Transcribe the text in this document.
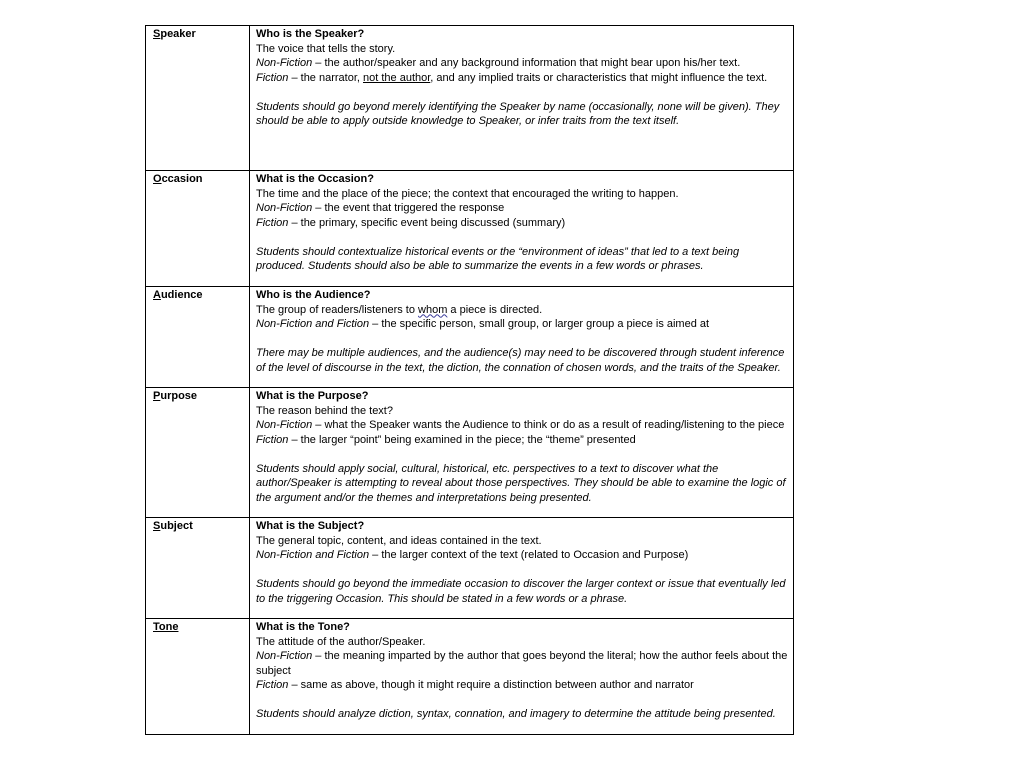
Speaker	Who is the Speaker?
The voice that tells the story.
Non-Fiction – the author/speaker and any background information that might bear upon his/her text.
Fiction – the narrator, not the author, and any implied traits or characteristics that might influence the text.
Students should go beyond merely identifying the Speaker by name (occasionally, none will be given). They should be able to apply outside knowledge to Speaker, or infer traits from the text itself.

Occasion	What is the Occasion?
The time and the place of the piece; the context that encouraged the writing to happen.
Non-Fiction – the event that triggered the response
Fiction – the primary, specific event being discussed (summary)
Students should contextualize historical events or the “environment of ideas” that led to a text being produced. Students should also be able to summarize the events in a few words or phrases.

Audience	Who is the Audience?
The group of readers/listeners to whom a piece is directed.
Non-Fiction and Fiction – the specific person, small group, or larger group a piece is aimed at
There may be multiple audiences, and the audience(s) may need to be discovered through student inference of the level of discourse in the text, the diction, the connation of chosen words, and the traits of the Speaker.

Purpose	What is the Purpose?
The reason behind the text?
Non-Fiction – what the Speaker wants the Audience to think or do as a result of reading/listening to the piece
Fiction – the larger “point” being examined in the piece; the “theme” presented
Students should apply social, cultural, historical, etc. perspectives to a text to discover what the author/Speaker is attempting to reveal about those perspectives. They should be able to examine the logic of the argument and/or the themes and interpretations being presented.

Subject	What is the Subject?
The general topic, content, and ideas contained in the text.
Non-Fiction and Fiction – the larger context of the text (related to Occasion and Purpose)
Students should go beyond the immediate occasion to discover the larger context or issue that eventually led to the triggering Occasion. This should be stated in a few words or a phrase.

Tone	What is the Tone?
The attitude of the author/Speaker.
Non-Fiction – the meaning imparted by the author that goes beyond the literal; how the author feels about the subject
Fiction – same as above, though it might require a distinction between author and narrator
Students should analyze diction, syntax, connation, and imagery to determine the attitude being presented.
